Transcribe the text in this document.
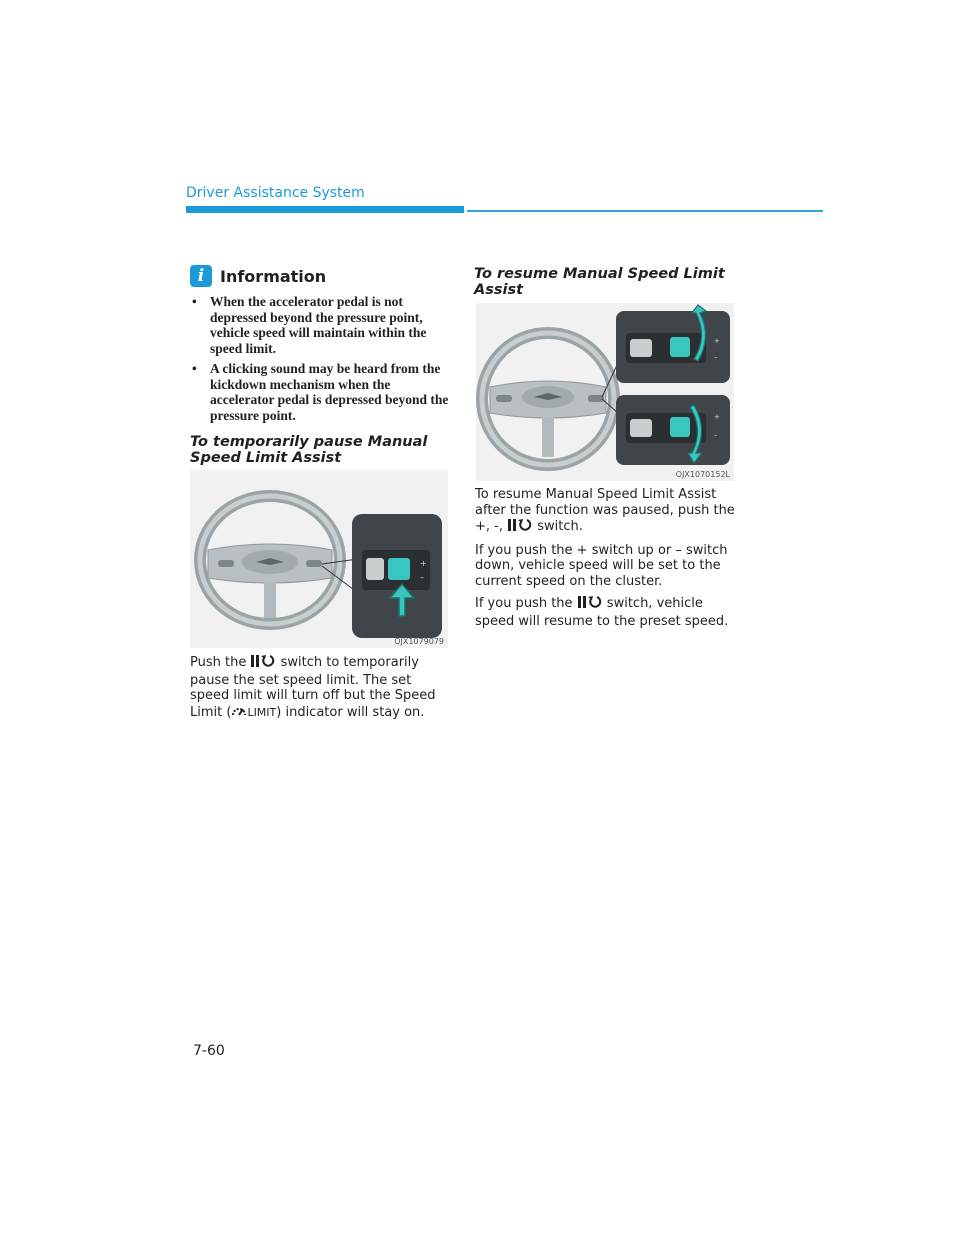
Driver Assistance System
i Information
• When the accelerator pedal is not depressed beyond the pressure point, vehicle speed will maintain within the speed limit.
• A clicking sound may be heard from the kickdown mechanism when the accelerator pedal is depressed beyond the pressure point.
To temporarily pause Manual Speed Limit Assist
+
–
OJX1079079

Push the  switch to temporarily pause the set speed limit. The set speed limit will turn off but the Speed Limit ( LIMIT) indicator will stay on.

To resume Manual Speed Limit Assist
+
–
+
–
OJX1070152L

To resume Manual Speed Limit Assist after the function was paused, push the +, -,  switch.

If you push the + switch up or – switch down, vehicle speed will be set to the current speed on the cluster.

If you push the  switch, vehicle speed will resume to the preset speed.

7-60
